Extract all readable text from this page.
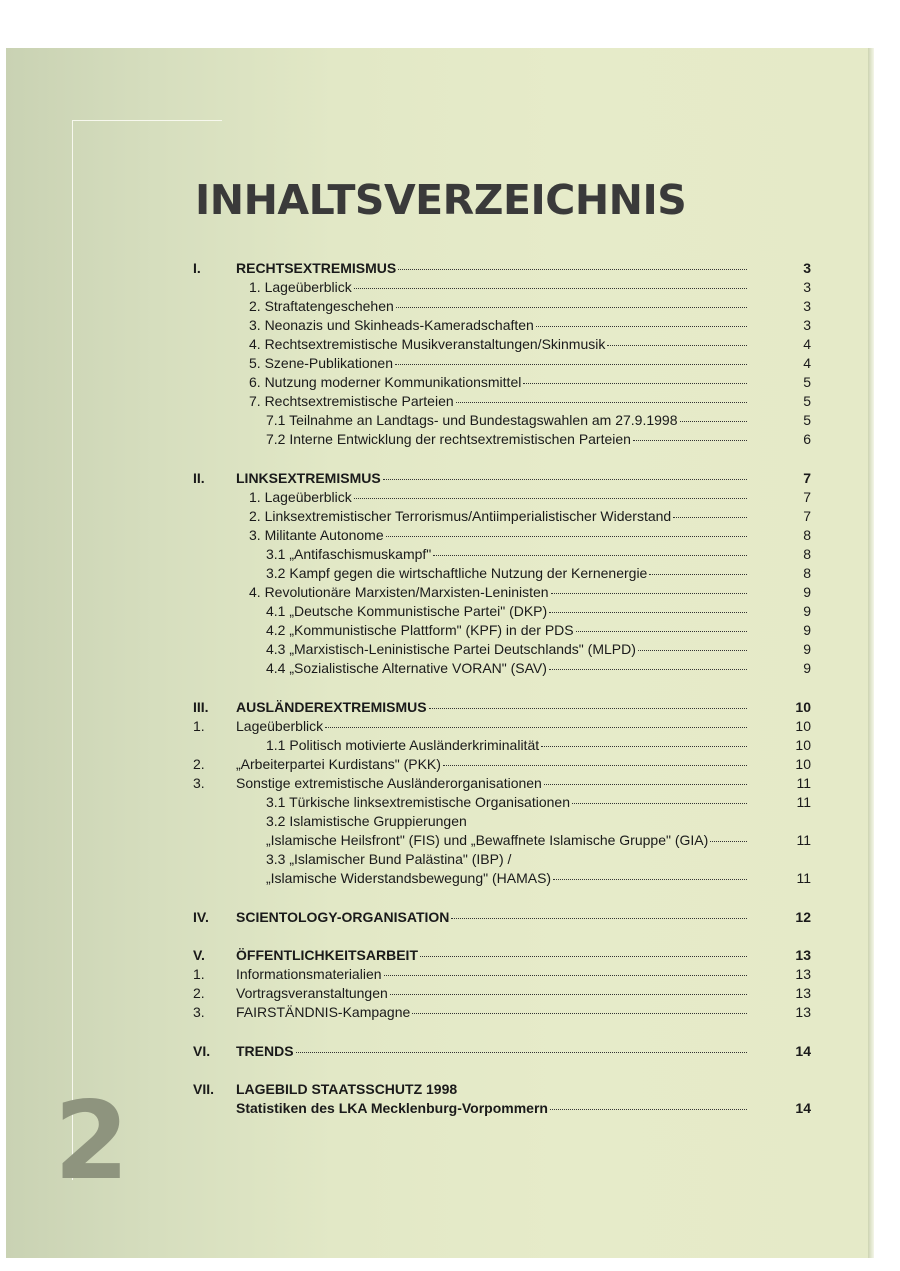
INHALTSVERZEICHNIS
2
I.	RECHTSEXTREMISMUS	3
1. Lageüberblick	3
2. Straftatengeschehen	3
3. Neonazis und Skinheads-Kameradschaften	3
4. Rechtsextremistische Musikveranstaltungen/Skinmusik	4
5. Szene-Publikationen	4
6. Nutzung moderner Kommunikationsmittel	5
7. Rechtsextremistische Parteien	5
7.1 Teilnahme an Landtags- und Bundestagswahlen am 27.9.1998	5
7.2 Interne Entwicklung der rechtsextremistischen Parteien	6
II. LINKSEXTREMISMUS	7
1. Lageüberblick	7
2. Linksextremistischer Terrorismus/Antiimperialistischer Widerstand	7
3. Militante Autonome	8
3.1 „Antifaschismuskampf"	8
3.2 Kampf gegen die wirtschaftliche Nutzung der Kernenergie	8
4. Revolutionäre Marxisten/Marxisten-Leninisten	9
4.1 „Deutsche Kommunistische Partei" (DKP)	9
4.2 „Kommunistische Plattform" (KPF) in der PDS	9
4.3 „Marxistisch-Leninistische Partei Deutschlands" (MLPD)	9
4.4 „Sozialistische Alternative VORAN" (SAV)	9
III. AUSLÄNDEREXTREMISMUS	10
1. Lageüberblick	10
1.1 Politisch motivierte Ausländerkriminalität	10
2. „Arbeiterpartei Kurdistans" (PKK)	10
3. Sonstige extremistische Ausländerorganisationen	11
3.1 Türkische linksextremistische Organisationen	11
3.2 Islamistische Gruppierungen
„Islamische Heilsfront" (FIS) und „Bewaffnete Islamische Gruppe" (GIA)	11
3.3 „Islamischer Bund Palästina" (IBP) /
„Islamische Widerstandsbewegung" (HAMAS)	11
IV. SCIENTOLOGY-ORGANISATION	12
V. ÖFFENTLICHKEITSARBEIT	13
1. Informationsmaterialien	13
2. Vortragsveranstaltungen	13
3. FAIRSTÄNDNIS-Kampagne	13
VI. TRENDS	14
VII. LAGEBILD STAATSSCHUTZ 1998
Statistiken des LKA Mecklenburg-Vorpommern	14
